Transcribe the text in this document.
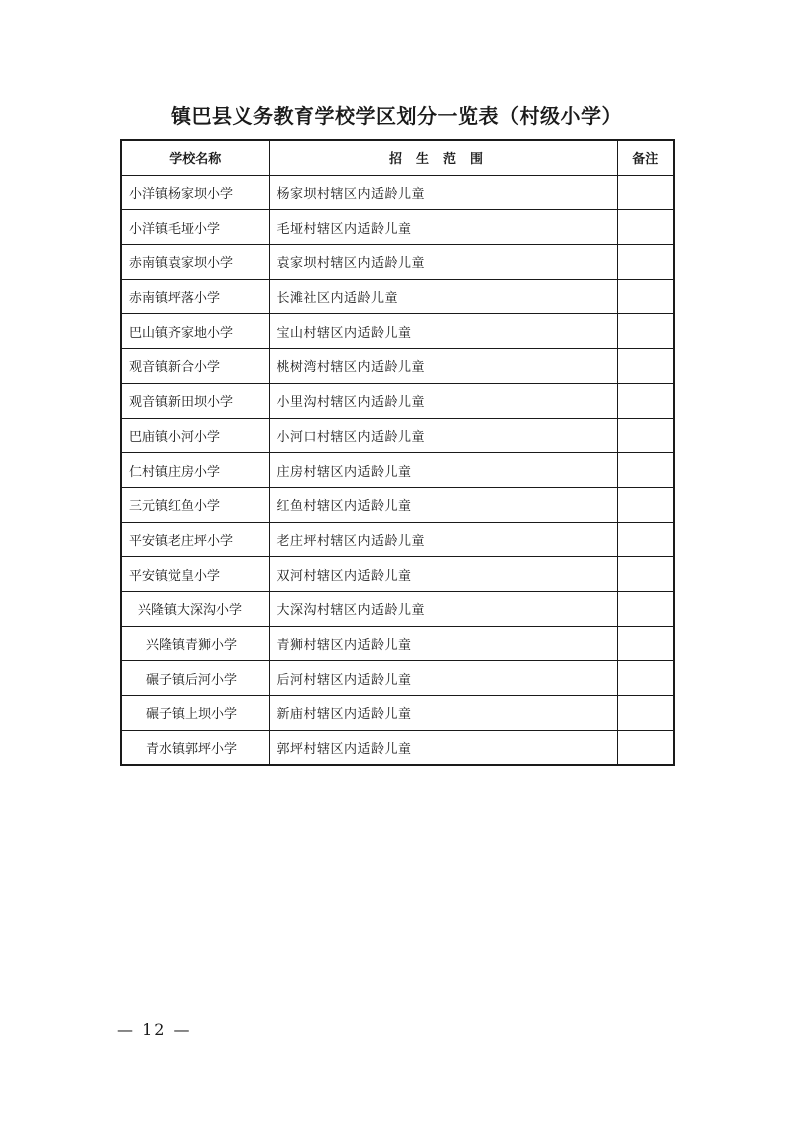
镇巴县义务教育学校学区划分一览表（村级小学）
学校名称	招生范围	备注
小洋镇杨家坝小学	杨家坝村辖区内适龄儿童	
小洋镇毛垭小学	毛垭村辖区内适龄儿童	
赤南镇袁家坝小学	袁家坝村辖区内适龄儿童	
赤南镇坪落小学	长滩社区内适龄儿童	
巴山镇齐家地小学	宝山村辖区内适龄儿童	
观音镇新合小学	桃树湾村辖区内适龄儿童	
观音镇新田坝小学	小里沟村辖区内适龄儿童	
巴庙镇小河小学	小河口村辖区内适龄儿童	
仁村镇庄房小学	庄房村辖区内适龄儿童	
三元镇红鱼小学	红鱼村辖区内适龄儿童	
平安镇老庄坪小学	老庄坪村辖区内适龄儿童	
平安镇觉皇小学	双河村辖区内适龄儿童	
兴隆镇大深沟小学	大深沟村辖区内适龄儿童	
兴隆镇青狮小学	青狮村辖区内适龄儿童	
碾子镇后河小学	后河村辖区内适龄儿童	
碾子镇上坝小学	新庙村辖区内适龄儿童	
青水镇郭坪小学	郭坪村辖区内适龄儿童	
— 12 —
